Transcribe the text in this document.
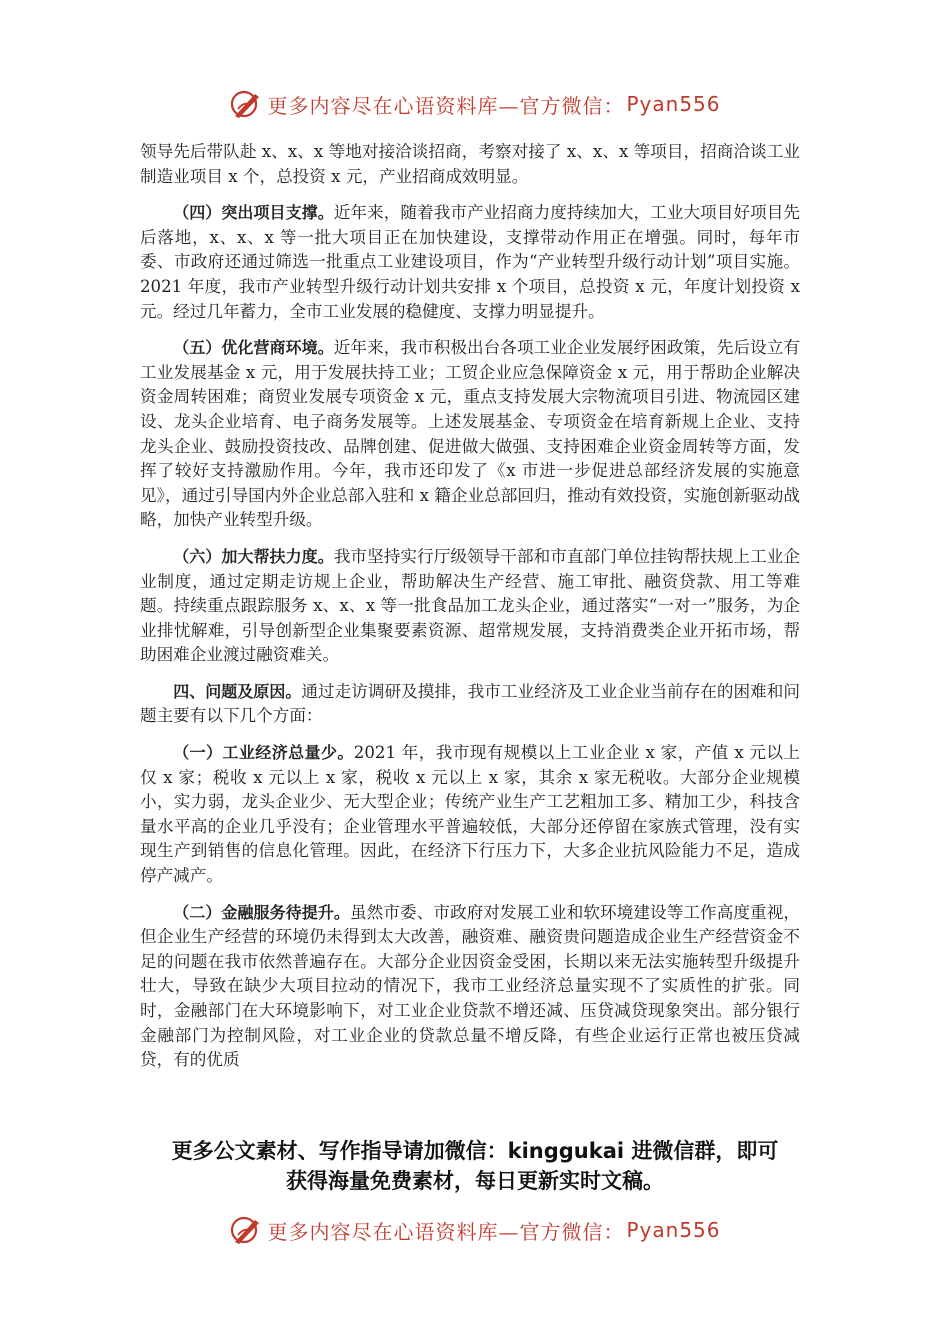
更多内容尽在心语资料库—官方微信： Pyan556

领导先后带队赴 x、x、x 等地对接洽谈招商，考察对接了 x、x、x 等项目，招商洽谈工业制造业项目 x 个，总投资 x 元，产业招商成效明显。

（四）突出项目支撑。近年来，随着我市产业招商力度持续加大，工业大项目好项目先后落地，x、x、x 等一批大项目正在加快建设，支撑带动作用正在增强。同时，每年市委、市政府还通过筛选一批重点工业建设项目，作为“产业转型升级行动计划”项目实施。2021 年度，我市产业转型升级行动计划共安排 x 个项目，总投资 x 元，年度计划投资 x 元。经过几年蓄力，全市工业发展的稳健度、支撑力明显提升。

（五）优化营商环境。近年来，我市积极出台各项工业企业发展纾困政策，先后设立有工业发展基金 x 元，用于发展扶持工业；工贸企业应急保障资金 x 元，用于帮助企业解决资金周转困难；商贸业发展专项资金 x 元，重点支持发展大宗物流项目引进、物流园区建设、龙头企业培育、电子商务发展等。上述发展基金、专项资金在培育新规上企业、支持龙头企业、鼓励投资技改、品牌创建、促进做大做强、支持困难企业资金周转等方面，发挥了较好支持激励作用。今年，我市还印发了《x 市进一步促进总部经济发展的实施意见》，通过引导国内外企业总部入驻和 x 籍企业总部回归，推动有效投资，实施创新驱动战略，加快产业转型升级。

（六）加大帮扶力度。我市坚持实行厅级领导干部和市直部门单位挂钩帮扶规上工业企业制度，通过定期走访规上企业，帮助解决生产经营、施工审批、融资贷款、用工等难题。持续重点跟踪服务 x、x、x 等一批食品加工龙头企业，通过落实“一对一”服务，为企业排忧解难，引导创新型企业集聚要素资源、超常规发展，支持消费类企业开拓市场，帮助困难企业渡过融资难关。

四、问题及原因。通过走访调研及摸排，我市工业经济及工业企业当前存在的困难和问题主要有以下几个方面：

（一）工业经济总量少。2021 年，我市现有规模以上工业企业 x 家，产值 x 元以上仅 x 家；税收 x 元以上 x 家，税收 x 元以上 x 家，其余 x 家无税收。大部分企业规模小，实力弱，龙头企业少、无大型企业；传统产业生产工艺粗加工多、精加工少，科技含量水平高的企业几乎没有；企业管理水平普遍较低，大部分还停留在家族式管理，没有实现生产到销售的信息化管理。因此，在经济下行压力下，大多企业抗风险能力不足，造成停产减产。

（二）金融服务待提升。虽然市委、市政府对发展工业和软环境建设等工作高度重视，但企业生产经营的环境仍未得到太大改善，融资难、融资贵问题造成企业生产经营资金不足的问题在我市依然普遍存在。大部分企业因资金受困，长期以来无法实施转型升级提升壮大，导致在缺少大项目拉动的情况下，我市工业经济总量实现不了实质性的扩张。同时，金融部门在大环境影响下，对工业企业贷款不增还减、压贷减贷现象突出。部分银行金融部门为控制风险，对工业企业的贷款总量不增反降，有些企业运行正常也被压贷减贷，有的优质

更多公文素材、写作指导请加微信：kinggukai 进微信群，即可
获得海量免费素材，每日更新实时文稿。
更多内容尽在心语资料库—官方微信： Pyan556
